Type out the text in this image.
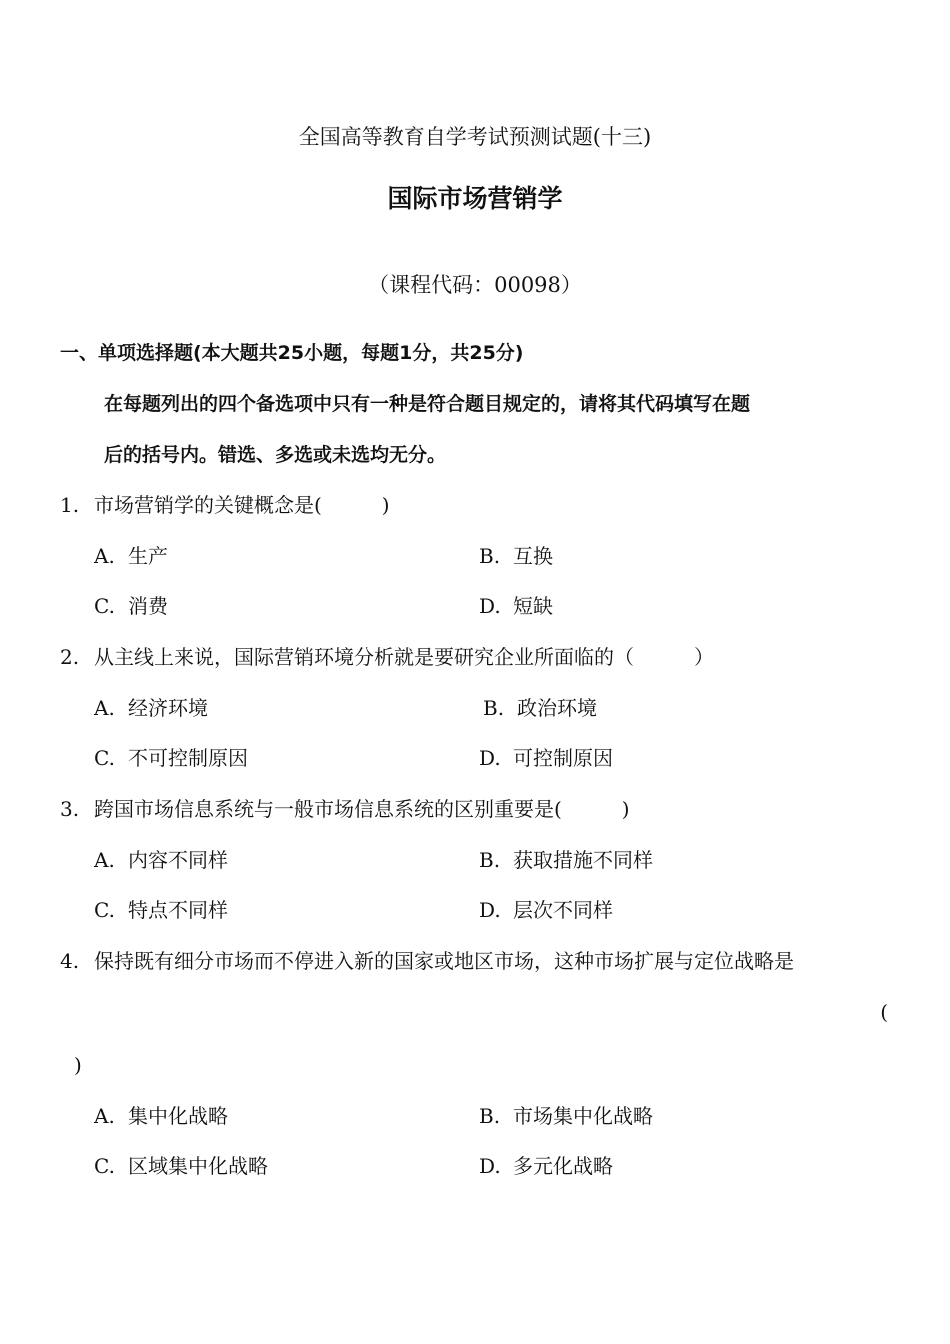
全国高等教育自学考试预测试题(十三)
国际市场营销学
（课程代码：00098）
一、单项选择题(本大题共25小题，每题1分，共25分)
在每题列出的四个备选项中只有一种是符合题目规定的，请将其代码填写在题
后的括号内。错选、多选或未选均无分。
1. 市场营销学的关键概念是(　　　)
A. 生产	B. 互换
C. 消费	D. 短缺
2. 从主线上来说，国际营销环境分析就是要研究企业所面临的（　　　）
A. 经济环境	B. 政治环境
C. 不可控制原因	D. 可控制原因
3. 跨国市场信息系统与一般市场信息系统的区别重要是(　　　)
A. 内容不同样	B. 获取措施不同样
C. 特点不同样	D. 层次不同样
4. 保持既有细分市场而不停进入新的国家或地区市场，这种市场扩展与定位战略是
(
)
A. 集中化战略	B. 市场集中化战略
C. 区域集中化战略	D. 多元化战略
